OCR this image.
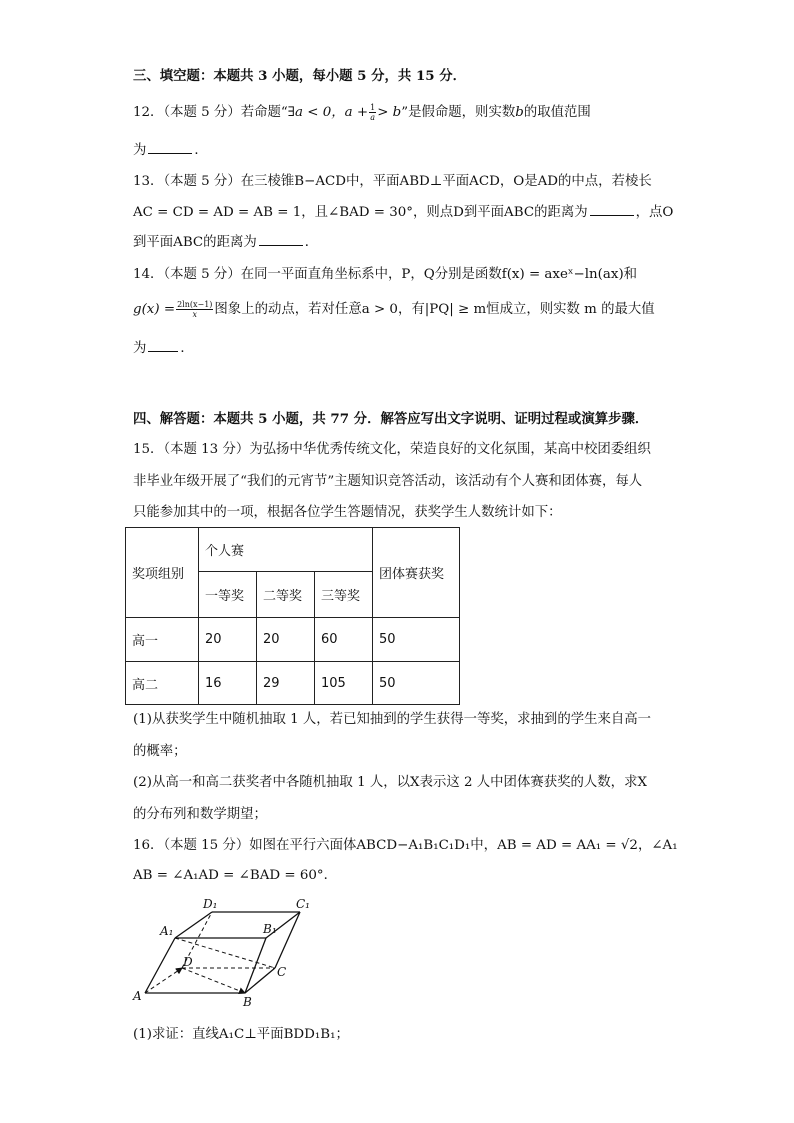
三、填空题：本题共 3 小题，每小题 5 分，共 15 分．
12．（本题 5 分）若命题“∃a < 0，$a + \frac{1}{a} > b$”是假命题，则实数b的取值范围
为	．
13．（本题 5 分）在三棱锥B−ACD中，平面ABD⊥平面ACD，O是AD的中点，若棱长
AC = CD = AD = AB = 1，且∠BAD = 30°，则点D到平面ABC的距离为	，点O
到平面ABC的距离为	．
14．（本题 5 分）在同一平面直角坐标系中，P，Q分别是函数f(x) = axeˣ−ln(ax)和
$g(x) = \frac{2\ln(x-1)}{x}$ 图象上的动点，若对任意a > 0，有|PQ| ≥ m恒成立，则实数 m 的最大值
为	．
四、解答题：本题共 5 小题，共 77 分．解答应写出文字说明、证明过程或演算步骤．
15．（本题 13 分）为弘扬中华优秀传统文化，荣造良好的文化氛围，某高中校团委组织
非毕业年级开展了“我们的元宵节”主题知识竞答活动，该活动有个人赛和团体赛，每人
只能参加其中的一项，根据各位学生答题情况，获奖学生人数统计如下：
奖项组别	个人赛			团体赛获奖
	一等奖	二等奖	三等奖	
高一	20	20	60	50
高二	16	29	105	50
(1)从获奖学生中随机抽取 1 人，若已知抽到的学生获得一等奖，求抽到的学生来自高一
的概率；
(2)从高一和高二获奖者中各随机抽取 1 人，以X表示这 2 人中团体赛获奖的人数，求X
的分布列和数学期望；
16．（本题 15 分）如图在平行六面体ABCD−A₁B₁C₁D₁中，AB = AD = AA₁ = √2，∠A₁
AB = ∠A₁AD = ∠BAD = 60°．
A	B
C
D
A₁	B₁
C₁
D₁
(1)求证：直线A₁C⊥平面BDD₁B₁；
